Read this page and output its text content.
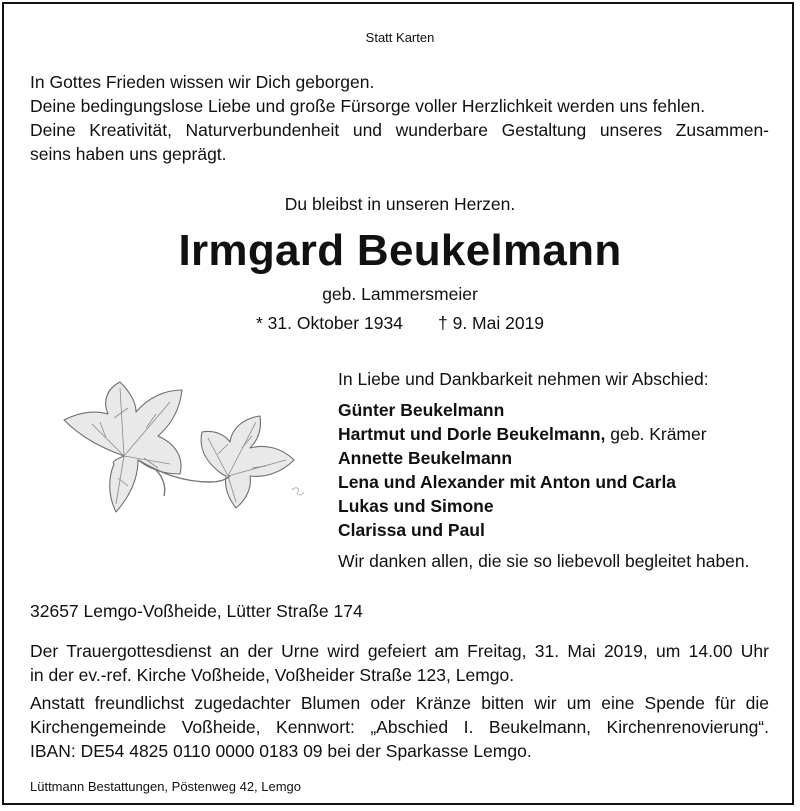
Statt Karten
In Gottes Frieden wissen wir Dich geborgen.
Deine bedingungslose Liebe und große Fürsorge voller Herzlichkeit werden uns fehlen.
Deine Kreativität, Naturverbundenheit und wunderbare Gestaltung unseres Zusammen-
seins haben uns geprägt.
Du bleibst in unseren Herzen.
Irmgard Beukelmann
geb. Lammersmeier
* 31. Oktober 1934 † 9. Mai 2019
In Liebe und Dankbarkeit nehmen wir Abschied:
Günter Beukelmann
Hartmut und Dorle Beukelmann, geb. Krämer
Annette Beukelmann
Lena und Alexander mit Anton und Carla
Lukas und Simone
Clarissa und Paul
Wir danken allen, die sie so liebevoll begleitet haben.
32657 Lemgo-Voßheide, Lütter Straße 174
Der Trauergottesdienst an der Urne wird gefeiert am Freitag, 31. Mai 2019, um 14.00 Uhr
in der ev.-ref. Kirche Voßheide, Voßheider Straße 123, Lemgo.
Anstatt freundlichst zugedachter Blumen oder Kränze bitten wir um eine Spende für die
Kirchengemeinde Voßheide, Kennwort: „Abschied I. Beukelmann, Kirchenrenovierung“.
IBAN: DE54 4825 0110 0000 0183 09 bei der Sparkasse Lemgo.
Lüttmann Bestattungen, Pöstenweg 42, Lemgo
